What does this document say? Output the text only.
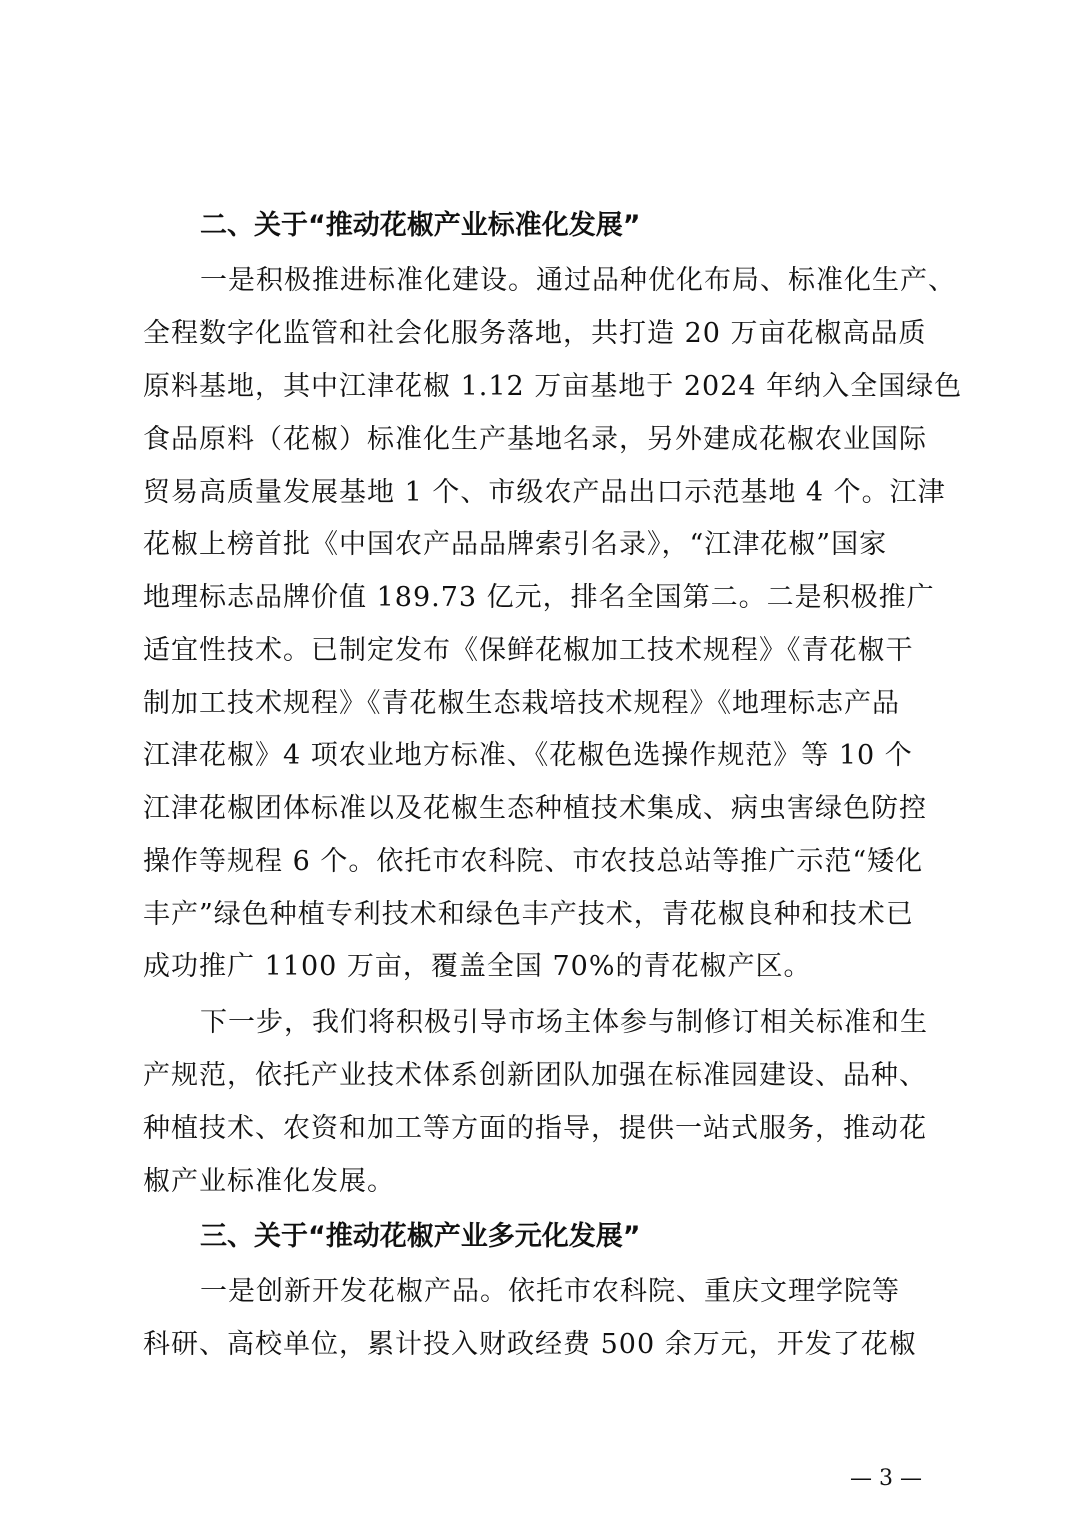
二、关于“推动花椒产业标准化发展”
一是积极推进标准化建设。通过品种优化布局、标准化生产、
全程数字化监管和社会化服务落地，共打造 20 万亩花椒高品质
原料基地，其中江津花椒 1.12 万亩基地于 2024 年纳入全国绿色
食品原料（花椒）标准化生产基地名录，另外建成花椒农业国际
贸易高质量发展基地 1 个、市级农产品出口示范基地 4 个。江津
花椒上榜首批《中国农产品品牌索引名录》，“江津花椒”国家
地理标志品牌价值 189.73 亿元，排名全国第二。二是积极推广
适宜性技术。已制定发布《保鲜花椒加工技术规程》《青花椒干
制加工技术规程》《青花椒生态栽培技术规程》《地理标志产品
江津花椒》4 项农业地方标准、《花椒色选操作规范》等 10 个
江津花椒团体标准以及花椒生态种植技术集成、病虫害绿色防控
操作等规程 6 个。依托市农科院、市农技总站等推广示范“矮化
丰产”绿色种植专利技术和绿色丰产技术，青花椒良种和技术已
成功推广 1100 万亩，覆盖全国 70%的青花椒产区。
下一步，我们将积极引导市场主体参与制修订相关标准和生
产规范，依托产业技术体系创新团队加强在标准园建设、品种、
种植技术、农资和加工等方面的指导，提供一站式服务，推动花
椒产业标准化发展。
三、关于“推动花椒产业多元化发展”
一是创新开发花椒产品。依托市农科院、重庆文理学院等
科研、高校单位，累计投入财政经费 500 余万元，开发了花椒
— 3 —
